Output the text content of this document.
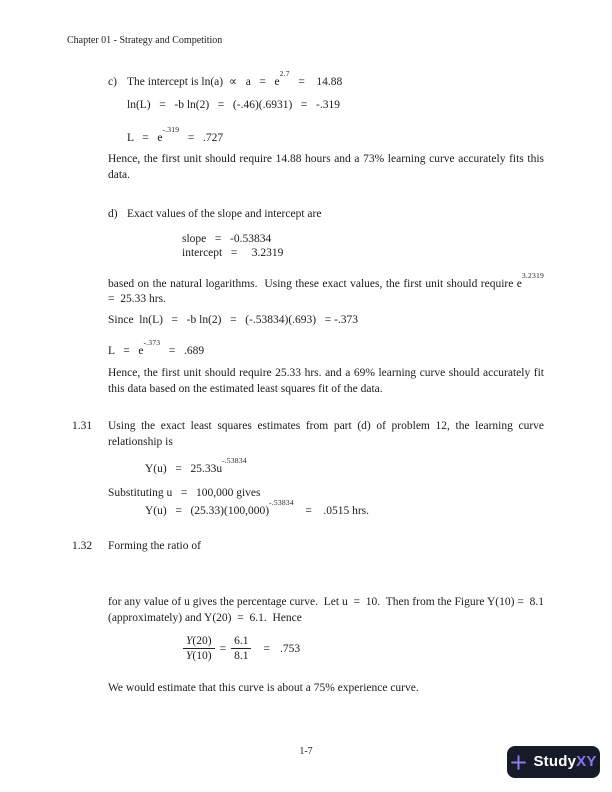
Chapter 01 - Strategy and Competition
c) The intercept is $\ln(a) \propto a = e^{2.7}$   =    14.88
ln(L)   =   -b ln(2)   =   (-.46)(.6931)   =   -.319
$L = e^{-.319} = .727$
Hence, the first unit should require 14.88 hours and a 73% learning curve accurately fits this data.
d) Exact values of the slope and intercept are
slope   =   -0.53834
intercept   =     3.2319
based on the natural logarithms.  Using these exact values, the first unit should require $e^{3.2319} = 25.33$ hrs.
Since  ln(L)   =   -b ln(2)   =   (-.53834)(.693)   = -.373
$L = e^{-.373} = .689$
Hence, the first unit should require 25.33 hrs. and a 69% learning curve should accurately fit this data based on the estimated least squares fit of the data.
1.31 Using the exact least squares estimates from part (d) of problem 12, the learning curve relationship is
$Y(u) = 25.33u^{-.53834}$
Substituting u   =   100,000 gives
$Y(u) = (25.33)(100,000)^{-.53834}$    =    .0515 hrs.
1.32 Forming the ratio of
for any value of u gives the percentage curve.  Let u  =  10.  Then from the Figure Y(10) =  8.1 (approximately) and Y(20)  =  6.1.  Hence
$\frac{Y(20)}{Y(10)} = \frac{6.1}{8.1} = .753$
We would estimate that this curve is about a 75% experience curve.
1-7
StudyXY
